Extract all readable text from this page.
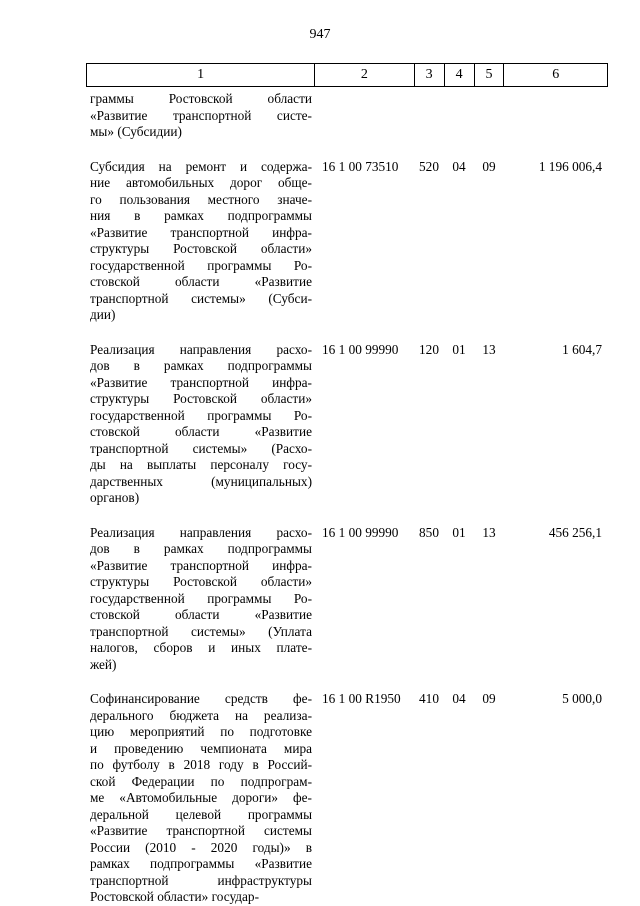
947
1	2	3	4	5	6
граммы Ростовской области
«Развитие транспортной систе-
мы» (Субсидии)
Субсидия на ремонт и содержа-
ние автомобильных дорог обще-
го пользования местного значе-
ния в рамках подпрограммы
«Развитие транспортной инфра-
структуры Ростовской области»
государственной программы Ро-
стовской области «Развитие
транспортной системы» (Субси-
дии)
16 1 00 73510	520	04	09	1 196 006,4
Реализация направления расхо-
дов в рамках подпрограммы
«Развитие транспортной инфра-
структуры Ростовской области»
государственной программы Ро-
стовской области «Развитие
транспортной системы» (Расхо-
ды на выплаты персоналу госу-
дарственных (муниципальных)
органов)
16 1 00 99990	120	01	13	1 604,7
Реализация направления расхо-
дов в рамках подпрограммы
«Развитие транспортной инфра-
структуры Ростовской области»
государственной программы Ро-
стовской области «Развитие
транспортной системы» (Уплата
налогов, сборов и иных плате-
жей)
16 1 00 99990	850	01	13	456 256,1
Софинансирование средств фе-
дерального бюджета на реализа-
цию мероприятий по подготовке
и проведению чемпионата мира
по футболу в 2018 году в Россий-
ской Федерации по подпрограм-
ме «Автомобильные дороги» фе-
деральной целевой программы
«Развитие транспортной системы
России (2010 - 2020 годы)» в
рамках подпрограммы «Развитие
транспортной инфраструктуры
Ростовской области» государ-
16 1 00 R1950	410	04	09	5 000,0
